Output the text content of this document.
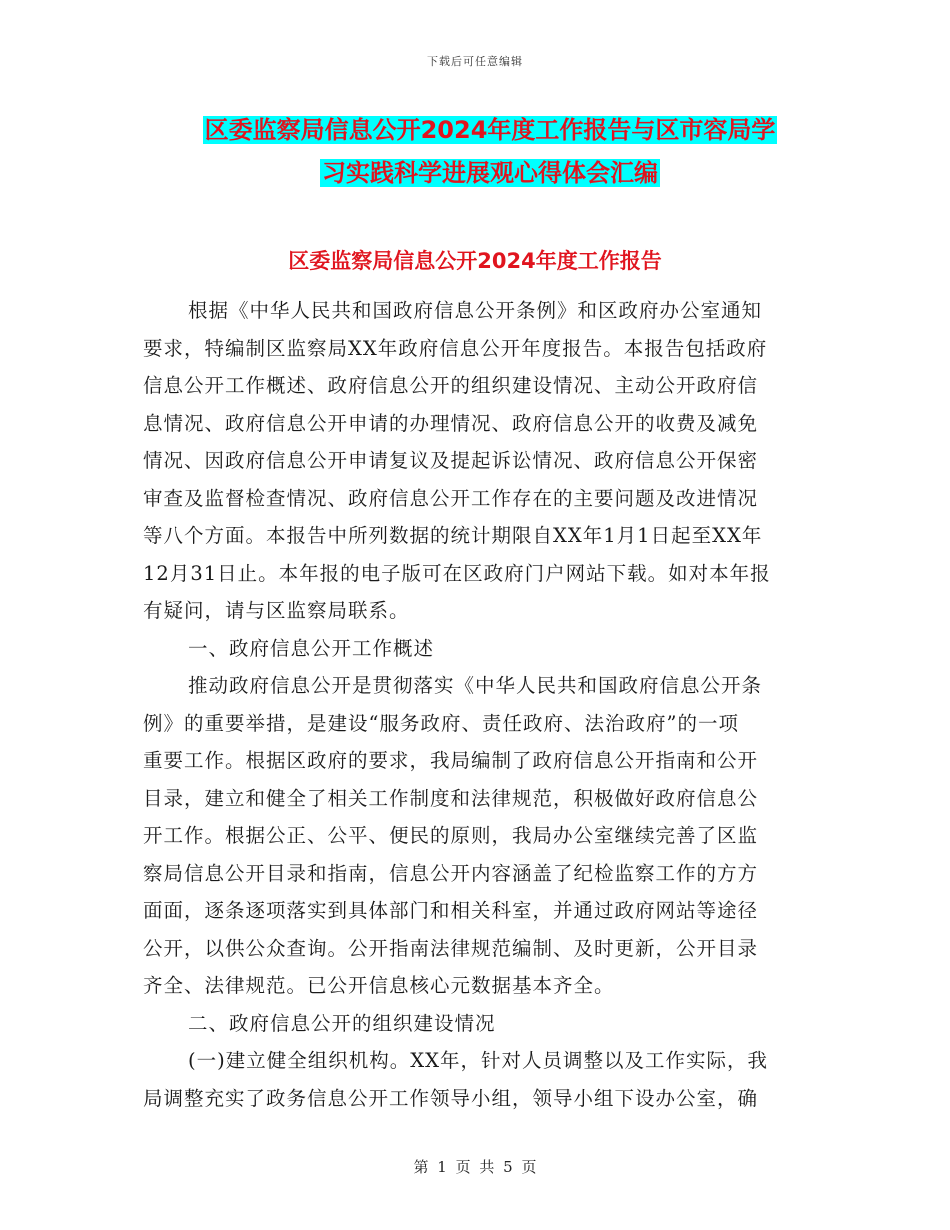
下载后可任意编辑
区委监察局信息公开2024年度工作报告与区市容局学
习实践科学进展观心得体会汇编
区委监察局信息公开2024年度工作报告
根据《中华人民共和国政府信息公开条例》和区政府办公室通知
要求，特编制区监察局XX年政府信息公开年度报告。本报告包括政府
信息公开工作概述、政府信息公开的组织建设情况、主动公开政府信
息情况、政府信息公开申请的办理情况、政府信息公开的收费及减免
情况、因政府信息公开申请复议及提起诉讼情况、政府信息公开保密
审查及监督检查情况、政府信息公开工作存在的主要问题及改进情况
等八个方面。本报告中所列数据的统计期限自XX年1月1日起至XX年
12月31日止。本年报的电子版可在区政府门户网站下载。如对本年报
有疑问，请与区监察局联系。
一、政府信息公开工作概述
推动政府信息公开是贯彻落实《中华人民共和国政府信息公开条
例》的重要举措，是建设“服务政府、责任政府、法治政府”的一项
重要工作。根据区政府的要求，我局编制了政府信息公开指南和公开
目录，建立和健全了相关工作制度和法律规范，积极做好政府信息公
开工作。根据公正、公平、便民的原则，我局办公室继续完善了区监
察局信息公开目录和指南，信息公开内容涵盖了纪检监察工作的方方
面面，逐条逐项落实到具体部门和相关科室，并通过政府网站等途径
公开，以供公众查询。公开指南法律规范编制、及时更新，公开目录
齐全、法律规范。已公开信息核心元数据基本齐全。
二、政府信息公开的组织建设情况
(一)建立健全组织机构。XX年，针对人员调整以及工作实际，我
局调整充实了政务信息公开工作领导小组，领导小组下设办公室，确
第 1 页 共 5 页
